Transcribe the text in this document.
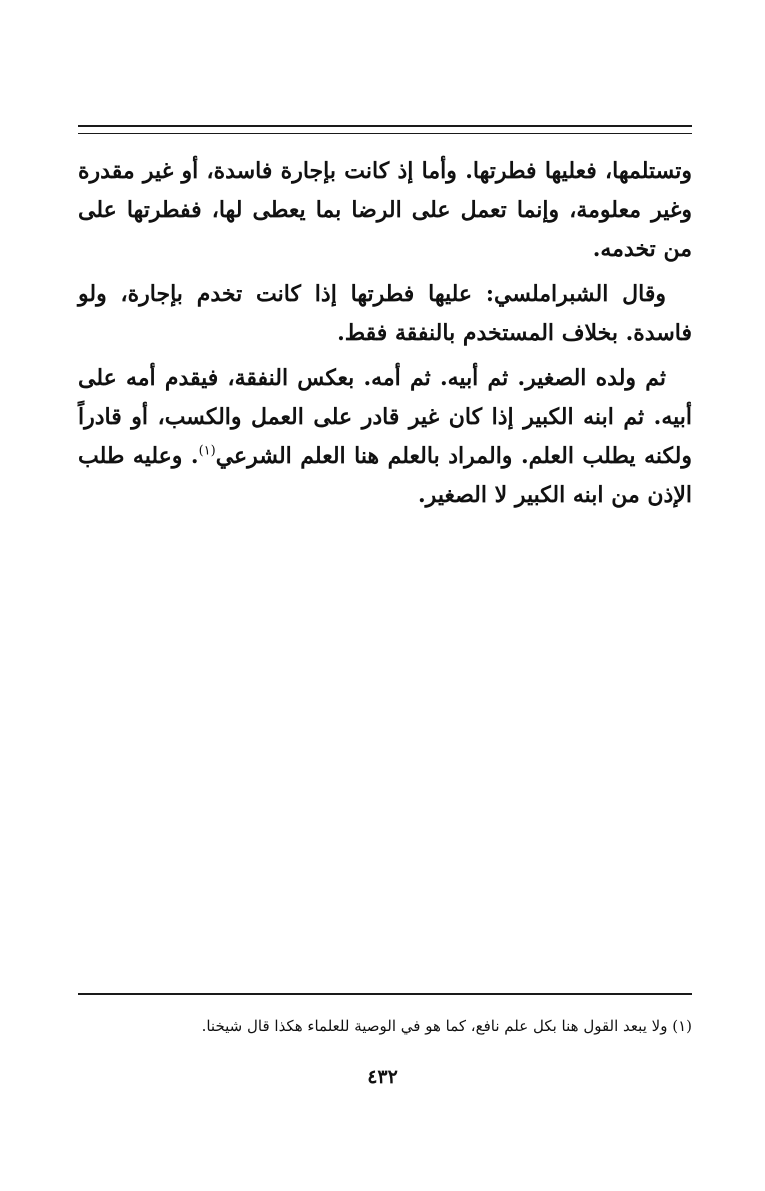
وتستلمها، فعليها فطرتها. وأما إذ كانت بإجارة فاسدة، أو غير مقدرة وغير معلومة، وإنما تعمل على الرضا بما يعطى لها، ففطرتها على من تخدمه.

وقال الشبراملسي: عليها فطرتها إذا كانت تخدم بإجارة، ولو فاسدة. بخلاف المستخدم بالنفقة فقط.

ثم ولده الصغير. ثم أبيه. ثم أمه. بعكس النفقة، فيقدم أمه على أبيه. ثم ابنه الكبير إذا كان غير قادر على العمل والكسب، أو قادراً ولكنه يطلب العلم. والمراد بالعلم هنا العلم الشرعي$^{(١)}$. وعليه طلب الإذن من ابنه الكبير لا الصغير.

(١) ولا يبعد القول هنا بكل علم نافع، كما هو في الوصية للعلماء هكذا قال شيخنا.
٤٣٢
